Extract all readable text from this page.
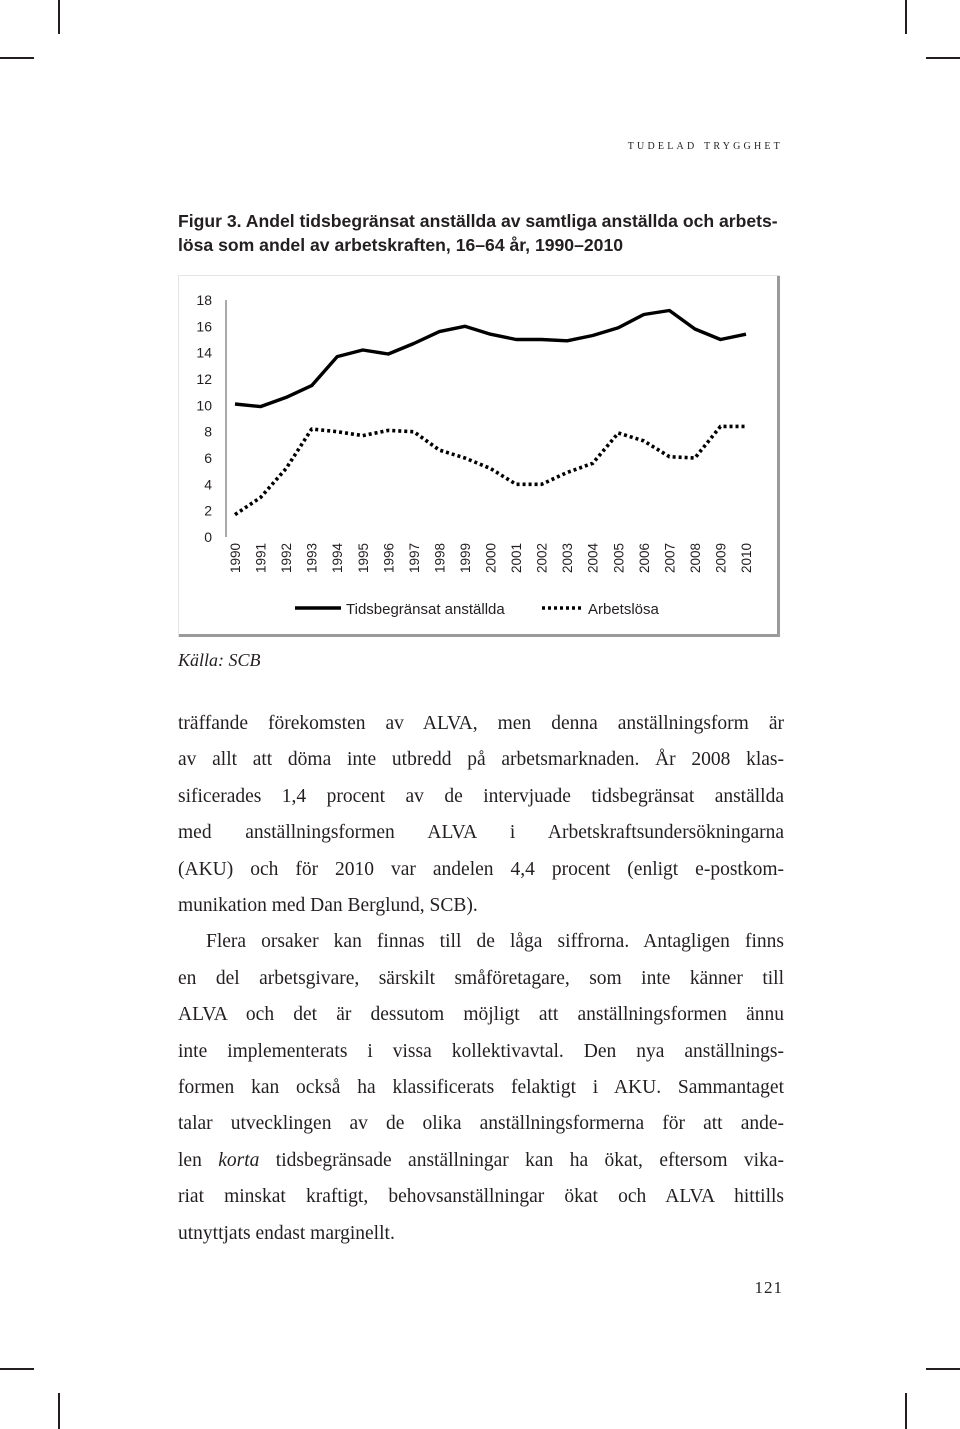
tudelad trygghet
Figur 3. Andel tidsbegränsat anställda av samtliga anställda och arbets-
lösa som andel av arbetskraften, 16–64 år, 1990–2010
0
2
4
6
8
10
12
14
16
18
1990 1991 1992 1993 1994 1995 1996 1997 1998 1999 2000 2001 2002 2003 2004 2005 2006 2007 2008 2009 2010
Tidsbegränsat anställda	Arbetslösa
Källa: SCB
träffande förekomsten av ALVA, men denna anställningsform är
av allt att döma inte utbredd på arbetsmarknaden. År 2008 klas-
sificerades 1,4 procent av de intervjuade tidsbegränsat anställda
med anställningsformen ALVA i Arbetskraftsundersökningarna
(AKU) och för 2010 var andelen 4,4 procent (enligt e-postkom-
munikation med Dan Berglund, SCB).
Flera orsaker kan finnas till de låga siffrorna. Antagligen finns
en del arbetsgivare, särskilt småföretagare, som inte känner till
ALVA och det är dessutom möjligt att anställningsformen ännu
inte implementerats i vissa kollektivavtal. Den nya anställnings-
formen kan också ha klassificerats felaktigt i AKU. Sammantaget
talar utvecklingen av de olika anställningsformerna för att ande-
len korta tidsbegränsade anställningar kan ha ökat, eftersom vika-
riat minskat kraftigt, behovsanställningar ökat och ALVA hittills
utnyttjats endast marginellt.
121
